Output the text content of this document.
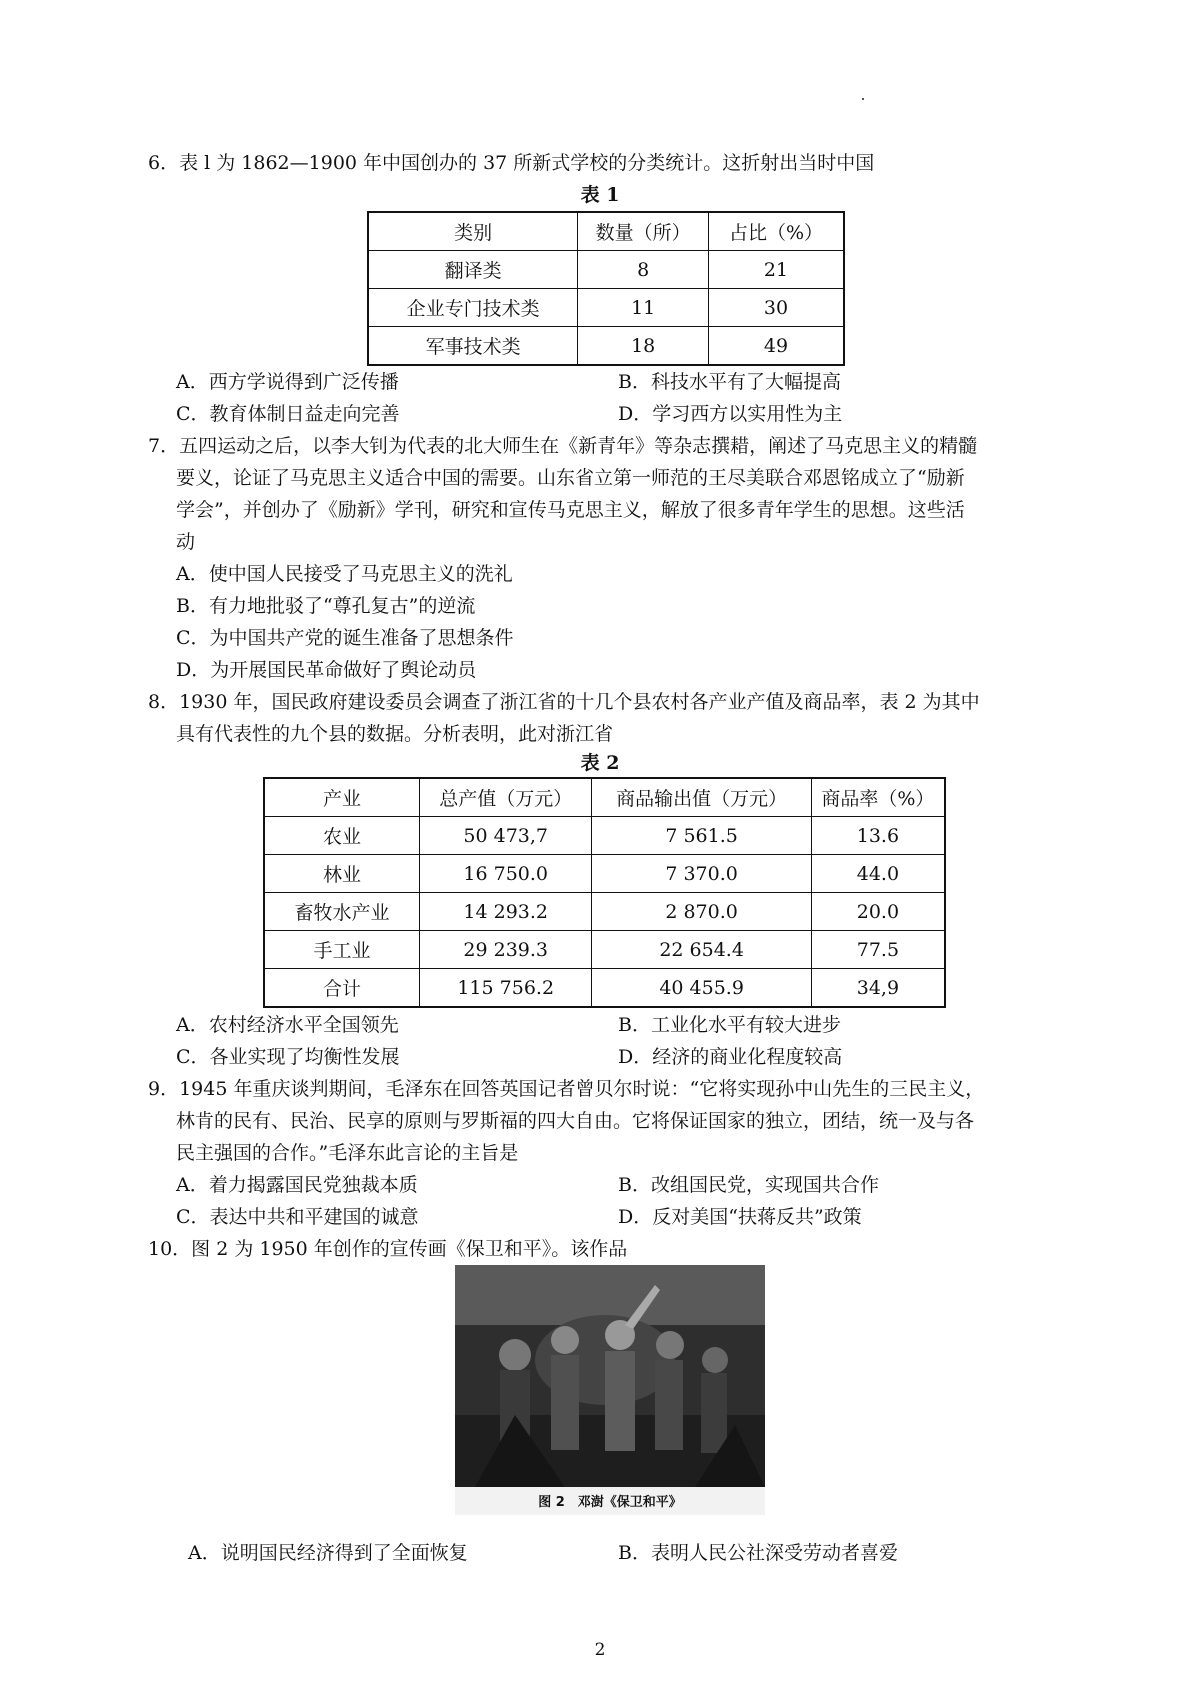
6．表 l 为 1862—1900 年中国创办的 37 所新式学校的分类统计。这折射出当时中国
表 1
类别	数量（所）	占比（%）
翻译类	8	21
企业专门技术类	11	30
军事技术类	18	49
A．西方学说得到广泛传播	B．科技水平有了大幅提高
C．教育体制日益走向完善	D．学习西方以实用性为主
7．五四运动之后，以李大钊为代表的北大师生在《新青年》等杂志撰耤，阐述了马克思主义的精髓
要义，论证了马克思主义适合中国的需要。山东省立第一师范的王尽美联合邓恩铭成立了“励新
学会”，并创办了《励新》学刊，研究和宣传马克思主义，解放了很多青年学生的思想。这些活
动
A．使中国人民接受了马克思主义的洗礼
B．有力地批驳了“尊孔复古”的逆流
C．为中国共产党的诞生准备了思想条件
D．为开展国民革命做好了舆论动员
8．1930 年，国民政府建设委员会调查了浙江省的十几个县农村各产业产值及商品率，表 2 为其中
具有代表性的九个县的数据。分析表明，此对浙江省
表 2
产业	总产值（万元）	商品输出值（万元）	商品率（%）
农业	50 473,7	7 561.5	13.6
林业	16 750.0	7 370.0	44.0
畜牧水产业	14 293.2	2 870.0	20.0
手工业	29 239.3	22 654.4	77.5
合计	115 756.2	40 455.9	34,9
A．农村经济水平全国领先	B．工业化水平有较大进步
C．各业实现了均衡性发展	D．经济的商业化程度较高
9．1945 年重庆谈判期间，毛泽东在回答英国记者曾贝尔时说：“它将实现孙中山先生的三民主义，
林肯的民有、民治、民享的原则与罗斯福的四大自由。它将保证国家的独立，团结，统一及与各
民主强国的合作。”毛泽东此言论的主旨是
A．着力揭露国民党独裁本质	B．改组国民党，实现国共合作
C．表达中共和平建国的诚意	D．反对美国“扶蒋反共”政策
10．图 2 为 1950 年创作的宣传画《保卫和平》。该作品
图 2　邓澍《保卫和平》
A．说明国民经济得到了全面恢复	B．表明人民公社深受劳动者喜爱
2
